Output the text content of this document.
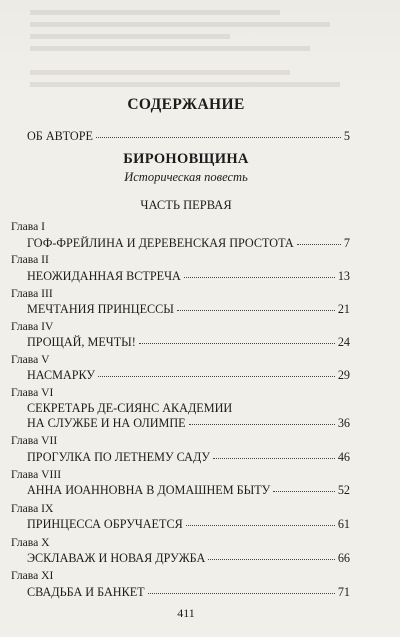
СОДЕРЖАНИЕ
ОБ АВТОРЕ	5
БИРОНОВЩИНА
Историческая повесть
ЧАСТЬ ПЕРВАЯ
Глава I
ГОФ-ФРЕЙЛИНА И ДЕРЕВЕНСКАЯ ПРОСТОТА	7
Глава II
НЕОЖИДАННАЯ ВСТРЕЧА	13
Глава III
МЕЧТАНИЯ ПРИНЦЕССЫ	21
Глава IV
ПРОЩАЙ, МЕЧТЫ!	24
Глава V
НАСМАРКУ	29
Глава VI
СЕКРЕТАРЬ ДЕ-СИЯНС АКАДЕМИИ
НА СЛУЖБЕ И НА ОЛИМПЕ	36
Глава VII
ПРОГУЛКА ПО ЛЕТНЕМУ САДУ	46
Глава VIII
АННА ИОАННОВНА В ДОМАШНЕМ БЫТУ	52
Глава IX
ПРИНЦЕССА ОБРУЧАЕТСЯ	61
Глава X
ЭСКЛАВАЖ И НОВАЯ ДРУЖБА	66
Глава XI
СВАДЬБА И БАНКЕТ	71
411
